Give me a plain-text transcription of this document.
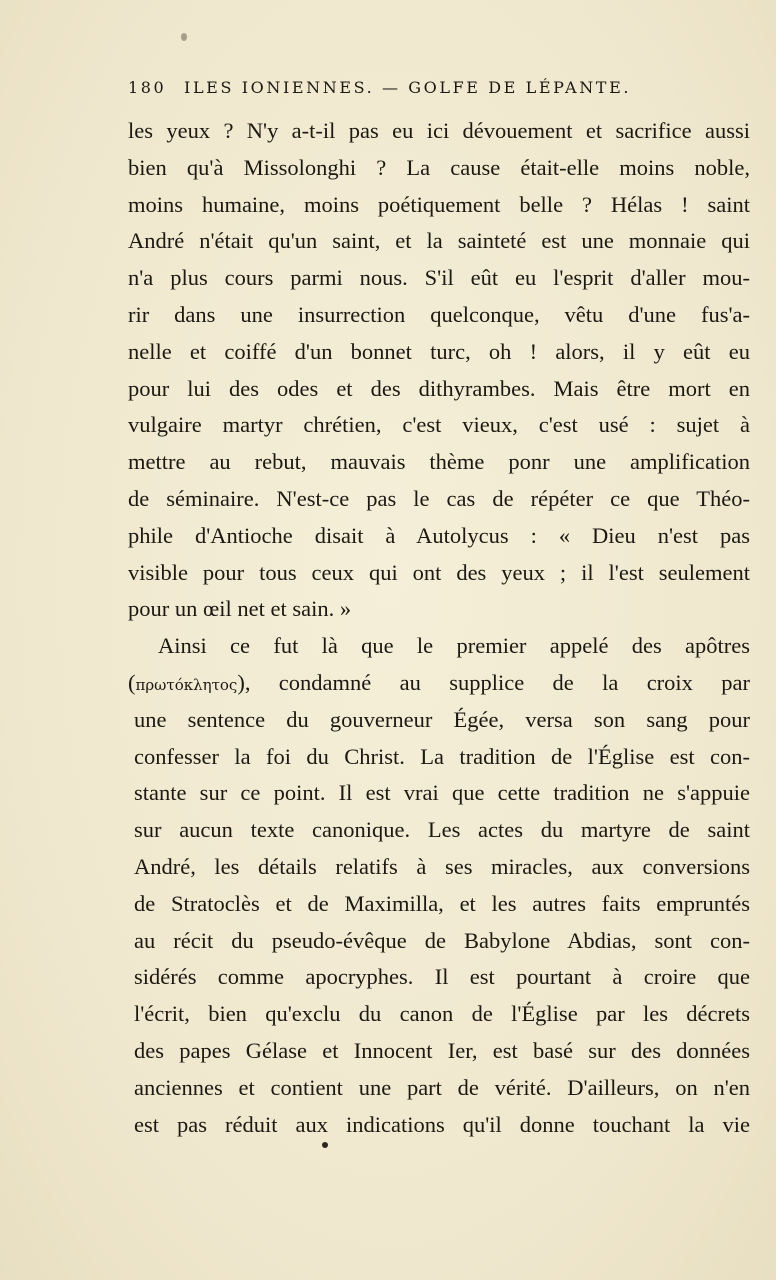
180 ILES IONIENNES. — GOLFE DE LÉPANTE.
les yeux ? N'y a-t-il pas eu ici dévouement et sacrifice aussi
bien qu'à Missolonghi ? La cause était-elle moins noble,
moins humaine, moins poétiquement belle ? Hélas ! saint
André n'était qu'un saint, et la sainteté est une monnaie qui
n'a plus cours parmi nous. S'il eût eu l'esprit d'aller mou-
rir dans une insurrection quelconque, vêtu d'une fus'a-
nelle et coiffé d'un bonnet turc, oh ! alors, il y eût eu
pour lui des odes et des dithyrambes. Mais être mort en
vulgaire martyr chrétien, c'est vieux, c'est usé : sujet à
mettre au rebut, mauvais thème ponr une amplification
de séminaire. N'est-ce pas le cas de répéter ce que Théo-
phile d'Antioche disait à Autolycus : « Dieu n'est pas
visible pour tous ceux qui ont des yeux ; il l'est seulement
pour un œil net et sain. »
Ainsi ce fut là que le premier appelé des apôtres
(πρωτόκλητος), condamné au supplice de la croix par
une sentence du gouverneur Égée, versa son sang pour
confesser la foi du Christ. La tradition de l'Église est con-
stante sur ce point. Il est vrai que cette tradition ne s'appuie
sur aucun texte canonique. Les actes du martyre de saint
André, les détails relatifs à ses miracles, aux conversions
de Stratoclès et de Maximilla, et les autres faits empruntés
au récit du pseudo-évêque de Babylone Abdias, sont con-
sidérés comme apocryphes. Il est pourtant à croire que
l'écrit, bien qu'exclu du canon de l'Église par les décrets
des papes Gélase et Innocent Ier, est basé sur des données
anciennes et contient une part de vérité. D'ailleurs, on n'en
est pas réduit aux indications qu'il donne touchant la vie
